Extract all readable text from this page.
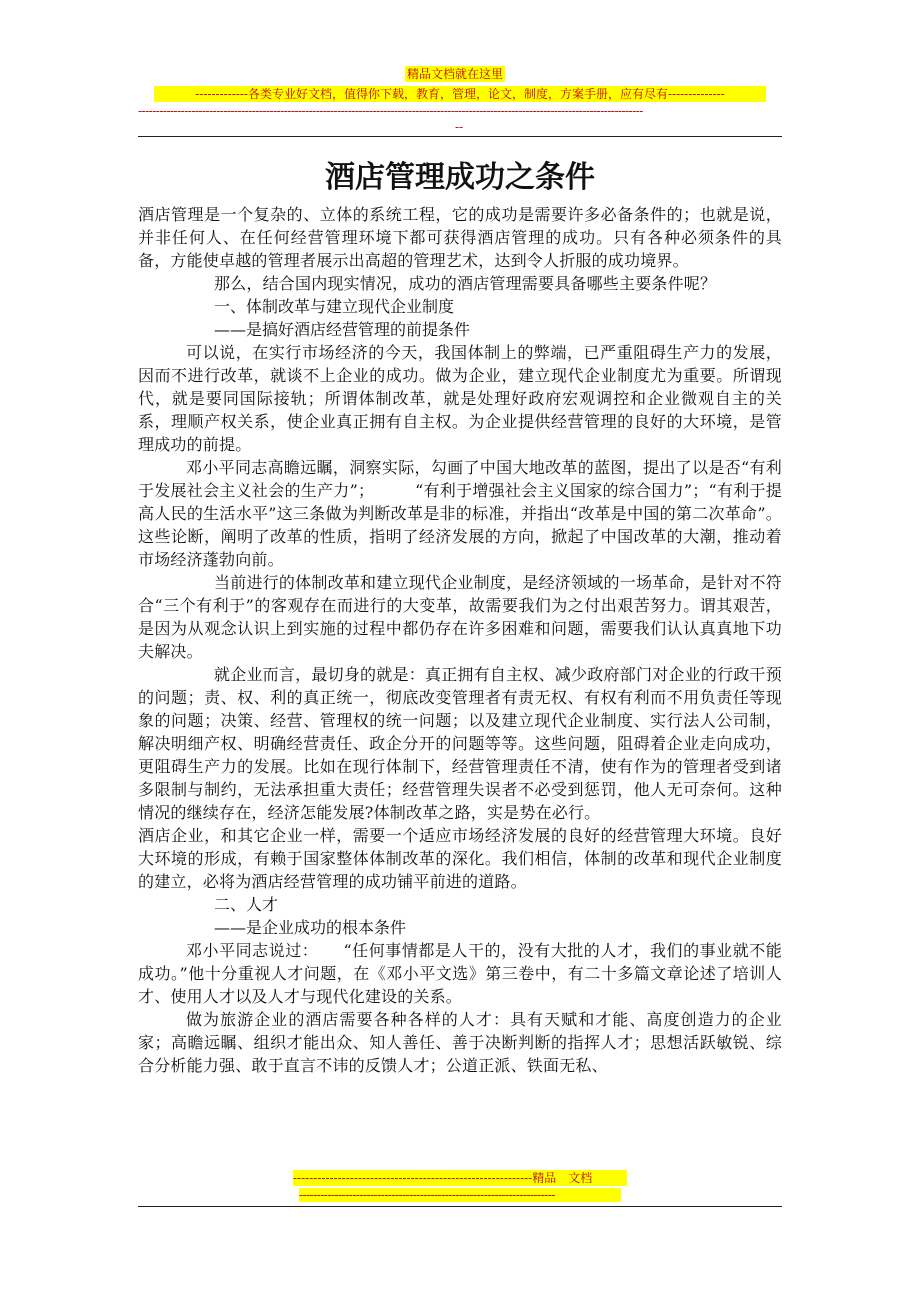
精品文档就在这里
-------------各类专业好文档，值得你下载，教育，管理，论文，制度，方案手册，应有尽有--------------
----------------------------------------------------------------------------------------------------------------------------------------------
--
酒店管理成功之条件

酒店管理是一个复杂的、立体的系统工程，它的成功是需要许多必备条件的；也就是说，并非任何人、在任何经营管理环境下都可获得酒店管理的成功。只有各种必须条件的具备，方能使卓越的管理者展示出高超的管理艺术，达到令人折服的成功境界。

那么，结合国内现实情况，成功的酒店管理需要具备哪些主要条件呢？

一、体制改革与建立现代企业制度

——是搞好酒店经营管理的前提条件

可以说，在实行市场经济的今天，我国体制上的弊端，已严重阻碍生产力的发展，因而不进行改革，就谈不上企业的成功。做为企业，建立现代企业制度尤为重要。所谓现代，就是要同国际接轨；所谓体制改革，就是处理好政府宏观调控和企业微观自主的关系，理顺产权关系，使企业真正拥有自主权。为企业提供经营管理的良好的大环境，是管理成功的前提。

邓小平同志高瞻远瞩，洞察实际，勾画了中国大地改革的蓝图，提出了以是否“有利于发展社会主义社会的生产力”；　　　“有利于增强社会主义国家的综合国力”；“有利于提高人民的生活水平”这三条做为判断改革是非的标准，并指出“改革是中国的第二次革命”。这些论断，阐明了改革的性质，指明了经济发展的方向，掀起了中国改革的大潮，推动着市场经济蓬勃向前。

当前进行的体制改革和建立现代企业制度，是经济领域的一场革命，是针对不符合“三个有利于”的客观存在而进行的大变革，故需要我们为之付出艰苦努力。谓其艰苦，是因为从观念认识上到实施的过程中都仍存在许多困难和问题，需要我们认认真真地下功夫解决。

就企业而言，最切身的就是：真正拥有自主权、减少政府部门对企业的行政干预的问题；责、权、利的真正统一，彻底改变管理者有责无权、有权有利而不用负责任等现象的问题；决策、经营、管理权的统一问题；以及建立现代企业制度、实行法人公司制，解决明细产权、明确经营责任、政企分开的问题等等。这些问题，阻碍着企业走向成功，更阻碍生产力的发展。比如在现行体制下，经营管理责任不清，使有作为的管理者受到诸多限制与制约，无法承担重大责任；经营管理失误者不必受到惩罚，他人无可奈何。这种情况的继续存在，经济怎能发展?体制改革之路，实是势在必行。

酒店企业，和其它企业一样，需要一个适应市场经济发展的良好的经营管理大环境。良好大环境的形成，有赖于国家整体体制改革的深化。我们相信，体制的改革和现代企业制度的建立，必将为酒店经营管理的成功铺平前进的道路。

二、人才

——是企业成功的根本条件

邓小平同志说过：　　“任何事情都是人干的，没有大批的人才，我们的事业就不能成功。”他十分重视人才问题，在《邓小平文选》第三卷中，有二十多篇文章论述了培训人才、使用人才以及人才与现代化建设的关系。

做为旅游企业的酒店需要各种各样的人才：具有天赋和才能、高度创造力的企业家；高瞻远瞩、组织才能出众、知人善任、善于决断判断的指挥人才；思想活跃敏锐、综合分析能力强、敢于直言不讳的反馈人才；公道正派、铁面无私、

-----------------------------------------------------------精品　文档
------------------------------------------------------------------------
